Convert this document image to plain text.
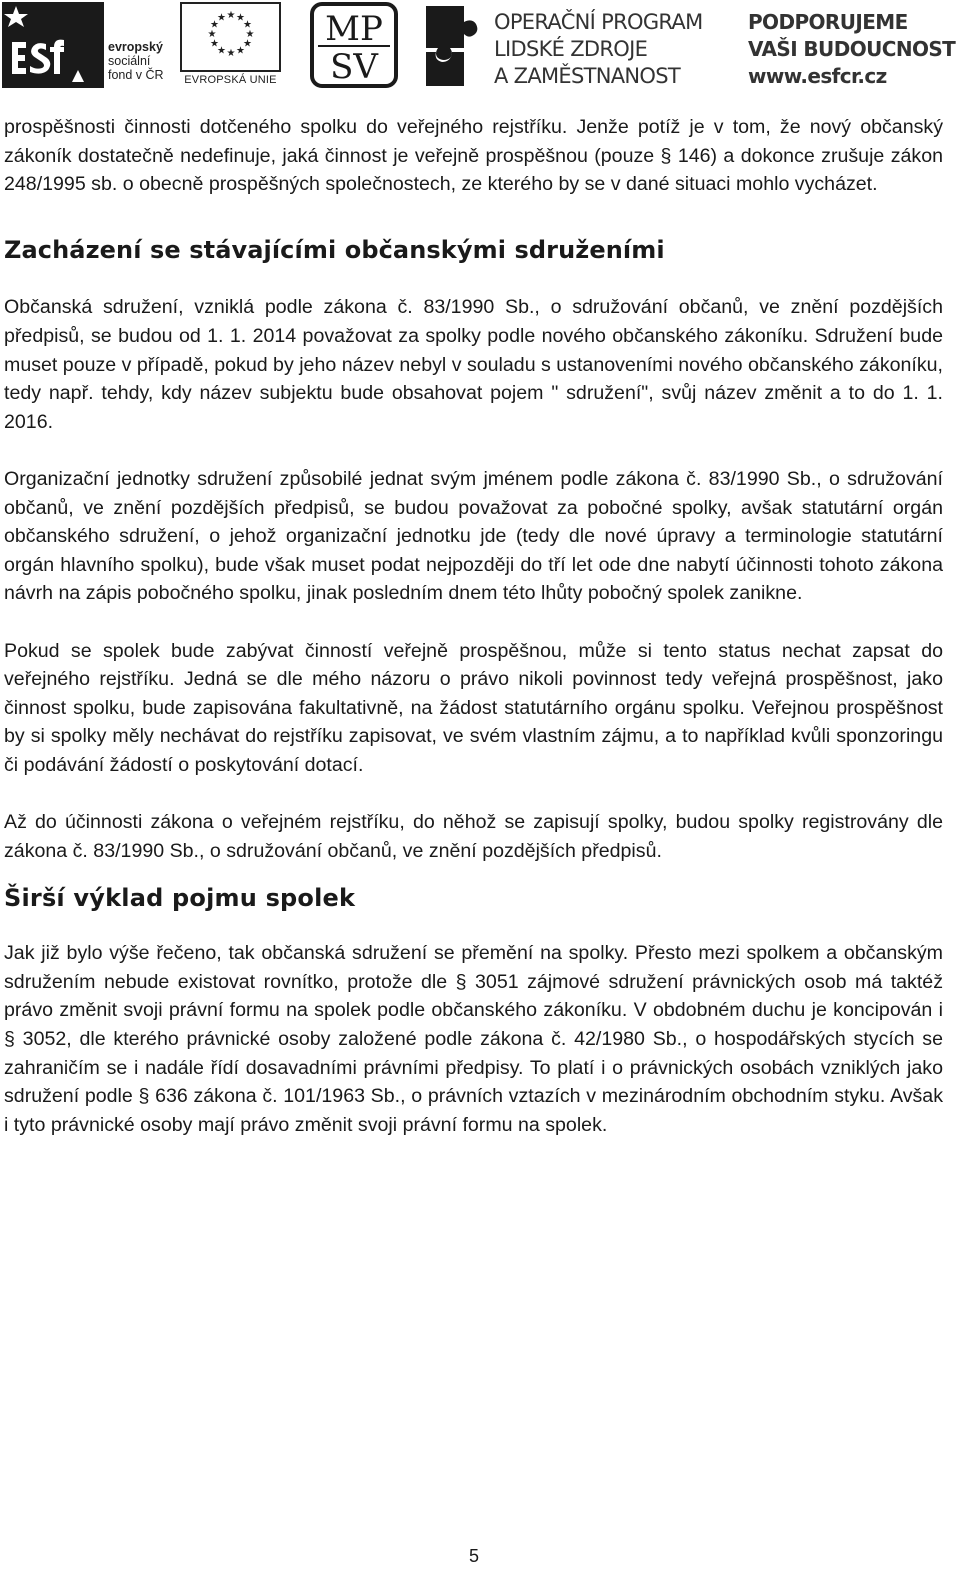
evropský
sociální
fond v ČR
★ ★
★
★
★
★
★
★
★
★
★
★
EVROPSKÁ UNIE
MP
SV
OPERAČNÍ PROGRAM
LIDSKÉ ZDROJE
A ZAMĚSTNANOST
PODPORUJEME
VAŠI BUDOUCNOST
www.esfcr.cz

prospěšnosti činnosti dotčeného spolku do veřejného rejstříku. Jenže potíž je v tom, že nový občanský zákoník dostatečně nedefinuje, jaká činnost je veřejně prospěšnou (pouze § 146) a dokonce zrušuje zákon 248/1995 sb. o obecně prospěšných společnostech, ze kterého by se v dané situaci mohlo vycházet.

Zacházení se stávajícími občanskými sdruženími

Občanská sdružení, vzniklá podle zákona č. 83/1990 Sb., o sdružování občanů, ve znění pozdějších předpisů, se budou od 1. 1. 2014 považovat za spolky podle nového občanského zákoníku. Sdružení bude muset pouze v případě, pokud by jeho název nebyl v souladu s ustanoveními nového občanského zákoníku, tedy např. tehdy, kdy název subjektu bude obsahovat pojem " sdružení", svůj název změnit a to do 1. 1. 2016.

Organizační jednotky sdružení způsobilé jednat svým jménem podle zákona č. 83/1990 Sb., o sdružování občanů, ve znění pozdějších předpisů, se budou považovat za pobočné spolky, avšak statutární orgán občanského sdružení, o jehož organizační jednotku jde (tedy dle nové úpravy a terminologie statutární orgán hlavního spolku), bude však muset podat nejpozději do tří let ode dne nabytí účinnosti tohoto zákona návrh na zápis pobočného spolku, jinak posledním dnem této lhůty pobočný spolek zanikne.

Pokud se spolek bude zabývat činností veřejně prospěšnou, může si tento status nechat zapsat do veřejného rejstříku. Jedná se dle mého názoru o právo nikoli povinnost tedy veřejná prospěšnost, jako činnost spolku, bude zapisována fakultativně, na žádost statutárního orgánu spolku. Veřejnou prospěšnost by si spolky měly nechávat do rejstříku zapisovat, ve svém vlastním zájmu, a to například kvůli sponzoringu či podávání žádostí o poskytování dotací.

Až do účinnosti zákona o veřejném rejstříku, do něhož se zapisují spolky, budou spolky registrovány dle zákona č. 83/1990 Sb., o sdružování občanů, ve znění pozdějších předpisů.

Širší výklad pojmu spolek

Jak již bylo výše řečeno, tak občanská sdružení se přemění na spolky. Přesto mezi spolkem a občanským sdružením nebude existovat rovnítko, protože dle § 3051 zájmové sdružení právnických osob má taktéž právo změnit svoji právní formu na spolek podle občanského zákoníku. V obdobném duchu je koncipován i § 3052, dle kterého právnické osoby založené podle zákona č. 42/1980 Sb., o hospodářských stycích se zahraničím se i nadále řídí dosavadními právními předpisy. To platí i o právnických osobách vzniklých jako sdružení podle § 636 zákona č. 101/1963 Sb., o právních vztazích v mezinárodním obchodním styku. Avšak i tyto právnické osoby mají právo změnit svoji právní formu na spolek.

5
